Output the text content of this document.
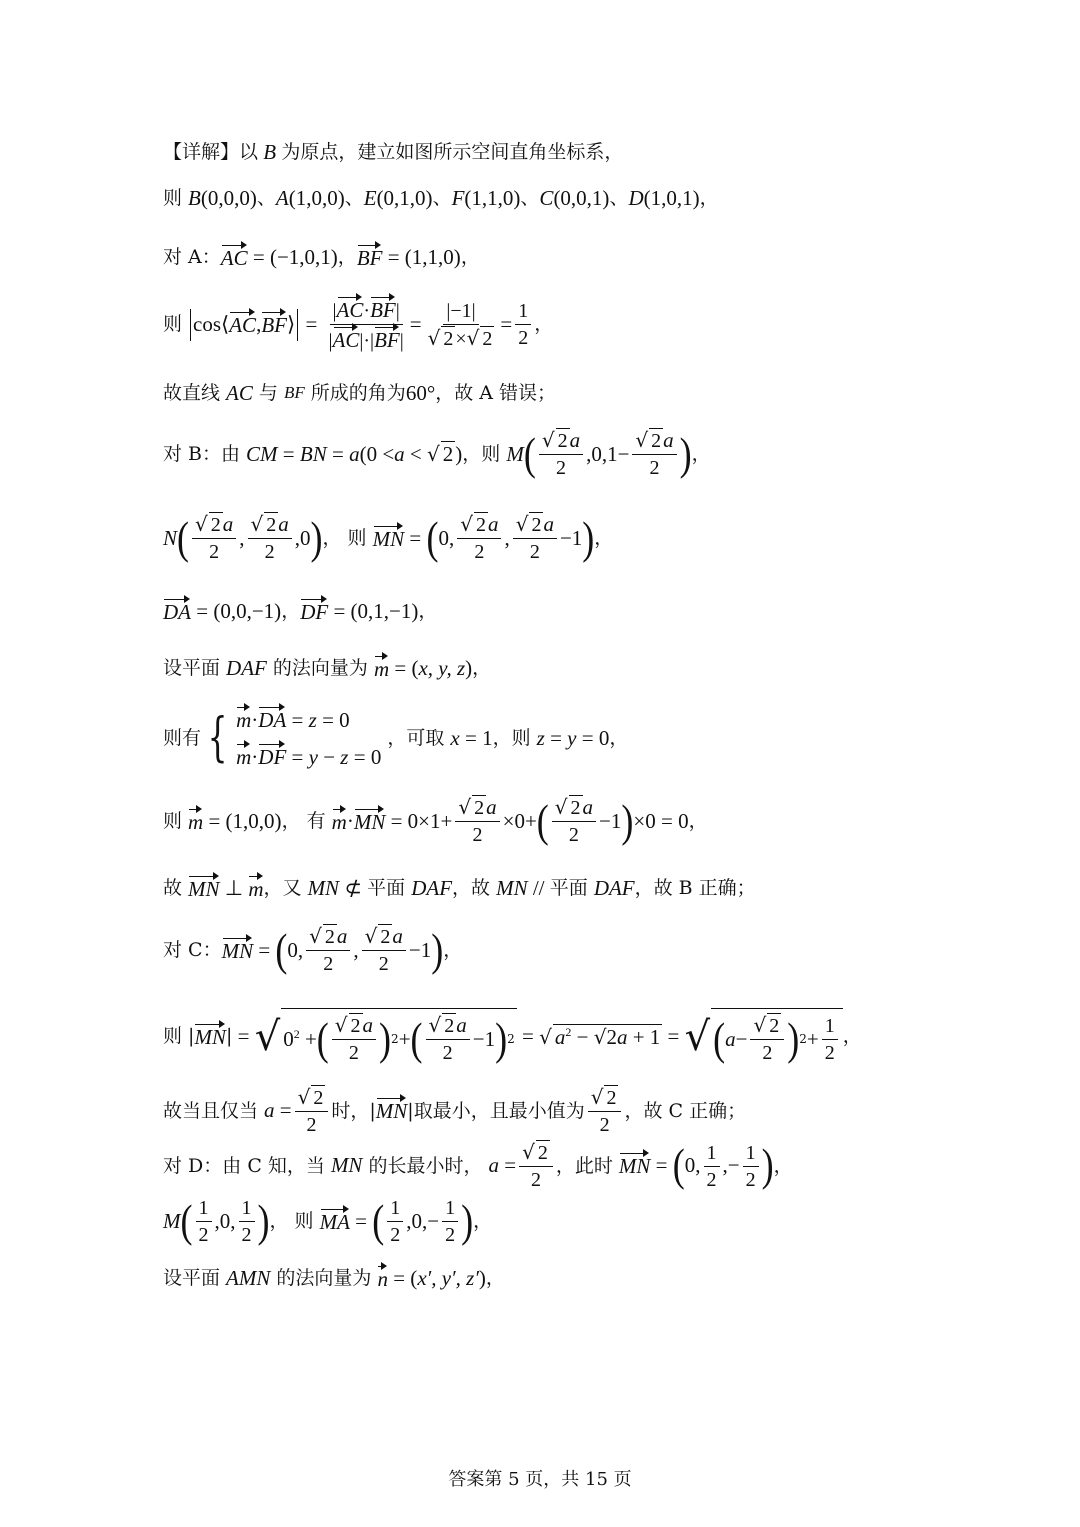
【详解】以 B 为原点，建立如图所示空间直角坐标系，
则 B (0,0,0) 、 A (1,0,0) 、 E (0,1,0) 、 F (1,1,0) 、 C (0,0,1) 、 D (1,0,1) ，
对 A： AC = (−1,0,1) ， BF = (1,1,0) ，
则 cos⟨ AC , BF ⟩ = $\frac{|AC\cdot BF|}{|AC|\cdot|BF|} = \frac{|-1|}{√ 2 \times√ 2} = \frac{1}{2}$ ，
故直线 AC 与 BF 所成的角为 60° ，故 A 错误；
对 B：由 CM = BN = a (0 < a < √ 2 ) ，则 M ( $\frac{√ 2a}{2} ,0,1- \frac{√ 2a}{2}$ ) ，
N ( $\frac{√ 2a}{2}$ , $\frac{√ 2a}{2} ,0$ ) ， 则 MN = ( 0, $\frac{√ 2a}{2}$ , $\frac{√ 2a}{2} -1$ ) ，
DA = (0,0,−1) ， DF = (0,1,−1) ，
设平面 DAF 的法向量为 m = ( x, y, z ) ，
则有 { m·DA = z = 0
m·DF = y − z = 0
，可取 x = 1 ，则 z = y = 0 ，
则 m = (1,0,0) ， 有 m · MN = $0\times 1+ \frac{√ 2a}{2} \times 0+$ ( $\frac{√ 2a}{2} -1$ ) ×0 = 0 ，
故 MN ⊥ m ，又 MN ⊄ 平面 DAF ，故 MN // 平面 DAF ，故 B 正确；
对 C： MN = ( 0, $\frac{√ 2a}{2}$ , $\frac{√ 2a}{2} -1$ ) ，
则 | MN | = √ $0^2$ + ( $\frac{√ 2a}{2}$ ) 2 + ( $\frac{√ 2a}{2} -1$ ) 2 = √ $a^2 - √2a + 1$ = √ ( $a - \frac{√ 2}{2}$ ) $2 + \frac{1}{2}$ ，
故当且仅当 $a = \frac{√ 2}{2}$ 时，| MN |取最小，且最小值为 $\frac{√ 2}{2}$ ，故 C 正确；
对 D：由 C 知，当 MN 的长最小时， $a = \frac{√ 2}{2}$ ，此时 MN = ( 0, $\frac{1}{2}$ ,− $\frac{1}{2}$ ) ，
M ( $\frac{1}{2} ,0$, $\frac{1}{2}$ ) ， 则 MA = ( $\frac{1}{2} ,0,- \frac{1}{2}$ ) ，
设平面 AMN 的法向量为 n = ( x′, y′, z′ ) ，
答案第 5 页，共 15 页
